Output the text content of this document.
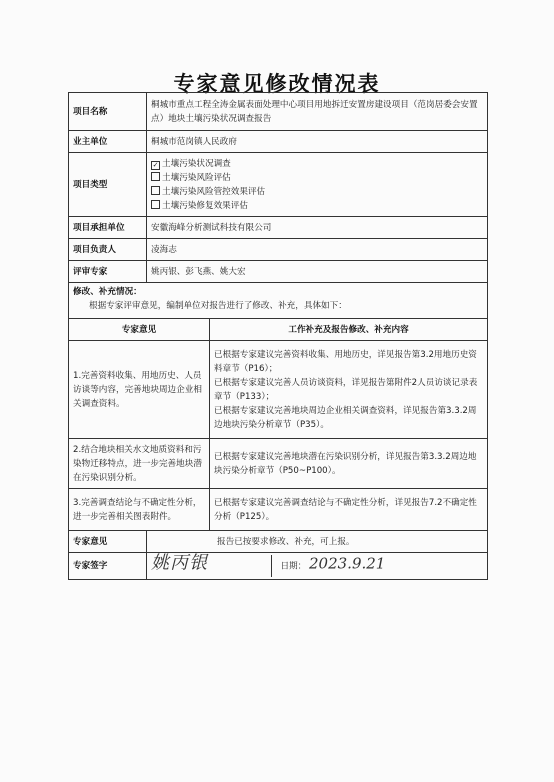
专家意见修改情况表
项目名称	桐城市重点工程全涛金属表面处理中心项目用地拆迁安置房建设项目（范岗居委会安置点）地块土壤污染状况调查报告	
业主单位	桐城市范岗镇人民政府	
项目类型	✓ 土壤污染状况调查
土壤污染风险评估
土壤污染风险管控效果评估
土壤污染修复效果评估	

项目承担单位	安徽海峰分析测试科技有限公司	
项目负责人	凌海志	
评审专家	姚丙银、彭飞燕、姚大宏	

修改、补充情况：
根据专家评审意见，编制单位对报告进行了修改、补充，具体如下：		

专家意见		工作补充及报告修改、补充内容
1.完善资料收集、用地历史、人员访谈等内容，完善地块周边企业相关调查资料。		已根据专家建议完善资料收集、用地历史，详见报告第3.2用地历史资料章节（P16）；
已根据专家建议完善人员访谈资料，详见报告第附件2人员访谈记录表章节（P133）；
已根据专家建议完善地块周边企业相关调查资料，详见报告第3.3.2周边地块污染分析章节（P35）。

2.结合地块相关水文地质资料和污染物迁移特点，进一步完善地块潜在污染识别分析。		已根据专家建议完善地块潜在污染识别分析，详见报告第3.3.2周边地块污染分析章节（P50~P100）。

3.完善调查结论与不确定性分析，进一步完善相关图表附件。		已根据专家建议完善调查结论与不确定性分析，详见报告7.2不确定性分析（P125）。

专家意见	报告已按要求修改、补充，可上报。	
专家签字	姚丙银 日期： 2023.9.21	
